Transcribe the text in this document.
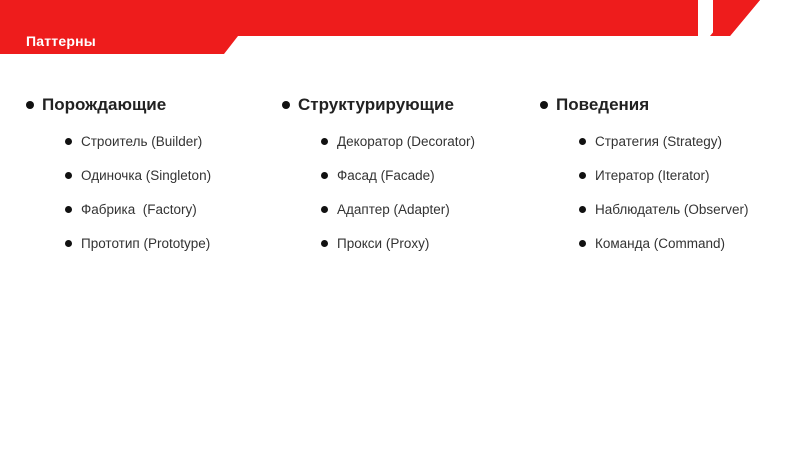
Паттерны
Порождающие
Строитель (Builder)
Одиночка (Singleton)
Фабрика  (Factory)
Прототип (Prototype)
Структурирующие
Декоратор (Decorator)
Фасад (Facade)
Адаптер (Adapter)
Прокси (Proxy)
Поведения
Стратегия (Strategy)
Итератор (Iterator)
Наблюдатель (Observer)
Команда (Command)
